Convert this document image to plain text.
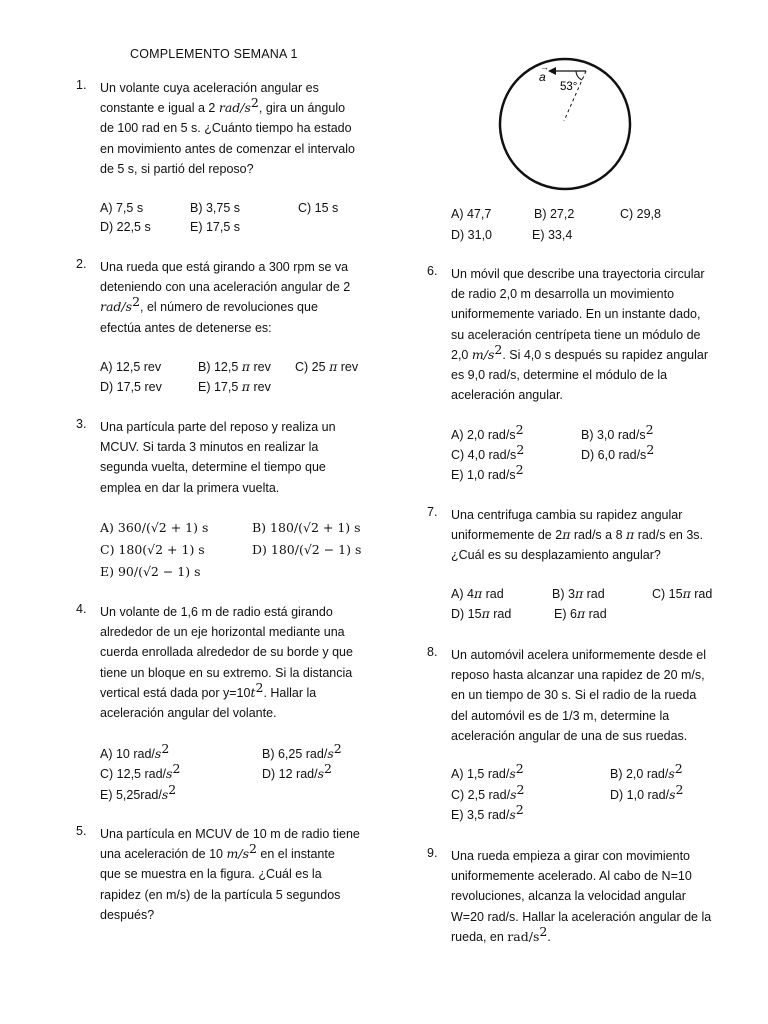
COMPLEMENTO SEMANA 1
1. Un volante cuya aceleración angular es
constante e igual a 2 rad/$s^2$, gira un ángulo
de 100 rad en 5 s. ¿Cuánto tiempo ha estado
en movimiento antes de comenzar el intervalo
de 5 s, si partió del reposo?
A) 7,5 s	B) 3,75 s	C) 15 s
D) 22,5 s	E) 17,5 s
2. Una rueda que está girando a 300 rpm se va
deteniendo con una aceleración angular de 2
rad/$s^2$, el número de revoluciones que
efectúa antes de detenerse es:
A) 12,5 rev	B) 12,5 π rev C) 25 π rev
D) 17,5 rev	E) 17,5 π rev
3. Una partícula parte del reposo y realiza un
MCUV. Si tarda 3 minutos en realizar la
segunda vuelta, determine el tiempo que
emplea en dar la primera vuelta.
A) 360/(√2 + 1) s	B) 180/(√2 + 1) s
C) 180(√2 + 1) s	D) 180/(√2 − 1) s
E) 90/(√2 − 1) s
4. Un volante de 1,6 m de radio está girando
alrededor de un eje horizontal mediante una
cuerda enrollada alrededor de su borde y que
tiene un bloque en su extremo. Si la distancia
vertical está dada por $y=10t^2$. Hallar la
aceleración angular del volante.
A) 10 rad/$s^2$	B) 6,25 rad/$s^2$
C) 12,5 rad/$s^2$	D) 12 rad/$s^2$
E) $5,25rad/s^2$
5. Una partícula en MCUV de 10 m de radio tiene
una aceleración de 10 $m/s^2$ en el instante
que se muestra en la figura. ¿Cuál es la
rapidez (en m/s) de la partícula 5 segundos
después?
a
→
53°
A) 47,7	B) 27,2	C) 29,8
D) 31,0	E) 33,4
6. Un móvil que describe una trayectoria circular
de radio 2,0 m desarrolla un movimiento
uniformemente variado. En un instante dado,
su aceleración centrípeta tiene un módulo de
2,0 $m/s^2$. Si 4,0 s después su rapidez angular
es 9,0 rad/s, determine el módulo de la
aceleración angular.
A) 2,0 rad/$s^2$	B) 3,0 rad/$s^2$
C) 4,0 rad/$s^2$	D) 6,0 rad/$s^2$
E) 1,0 rad/$s^2$
7. Una centrifuga cambia su rapidez angular
uniformemente de 2π rad/s a 8 π rad/s en 3s.
¿Cuál es su desplazamiento angular?
A) 4π rad	B) 3π rad	C) 15π rad
D) 15π rad	E) 6π rad
8. Un automóvil acelera uniformemente desde el
reposo hasta alcanzar una rapidez de 20 m/s,
en un tiempo de 30 s. Si el radio de la rueda
del automóvil es de 1/3 m, determine la
aceleración angular de una de sus ruedas.
A) 1,5 rad/$s^2$	B) 2,0 rad/$s^2$
C) 2,5 rad/$s^2$	D) 1,0 rad/$s^2$
E) 3,5 rad/$s^2$
9. Una rueda empieza a girar con movimiento
uniformemente acelerado. Al cabo de N=10
revoluciones, alcanza la velocidad angular
W=20 rad/s. Hallar la aceleración angular de la
rueda, en rad/$s^2$.
